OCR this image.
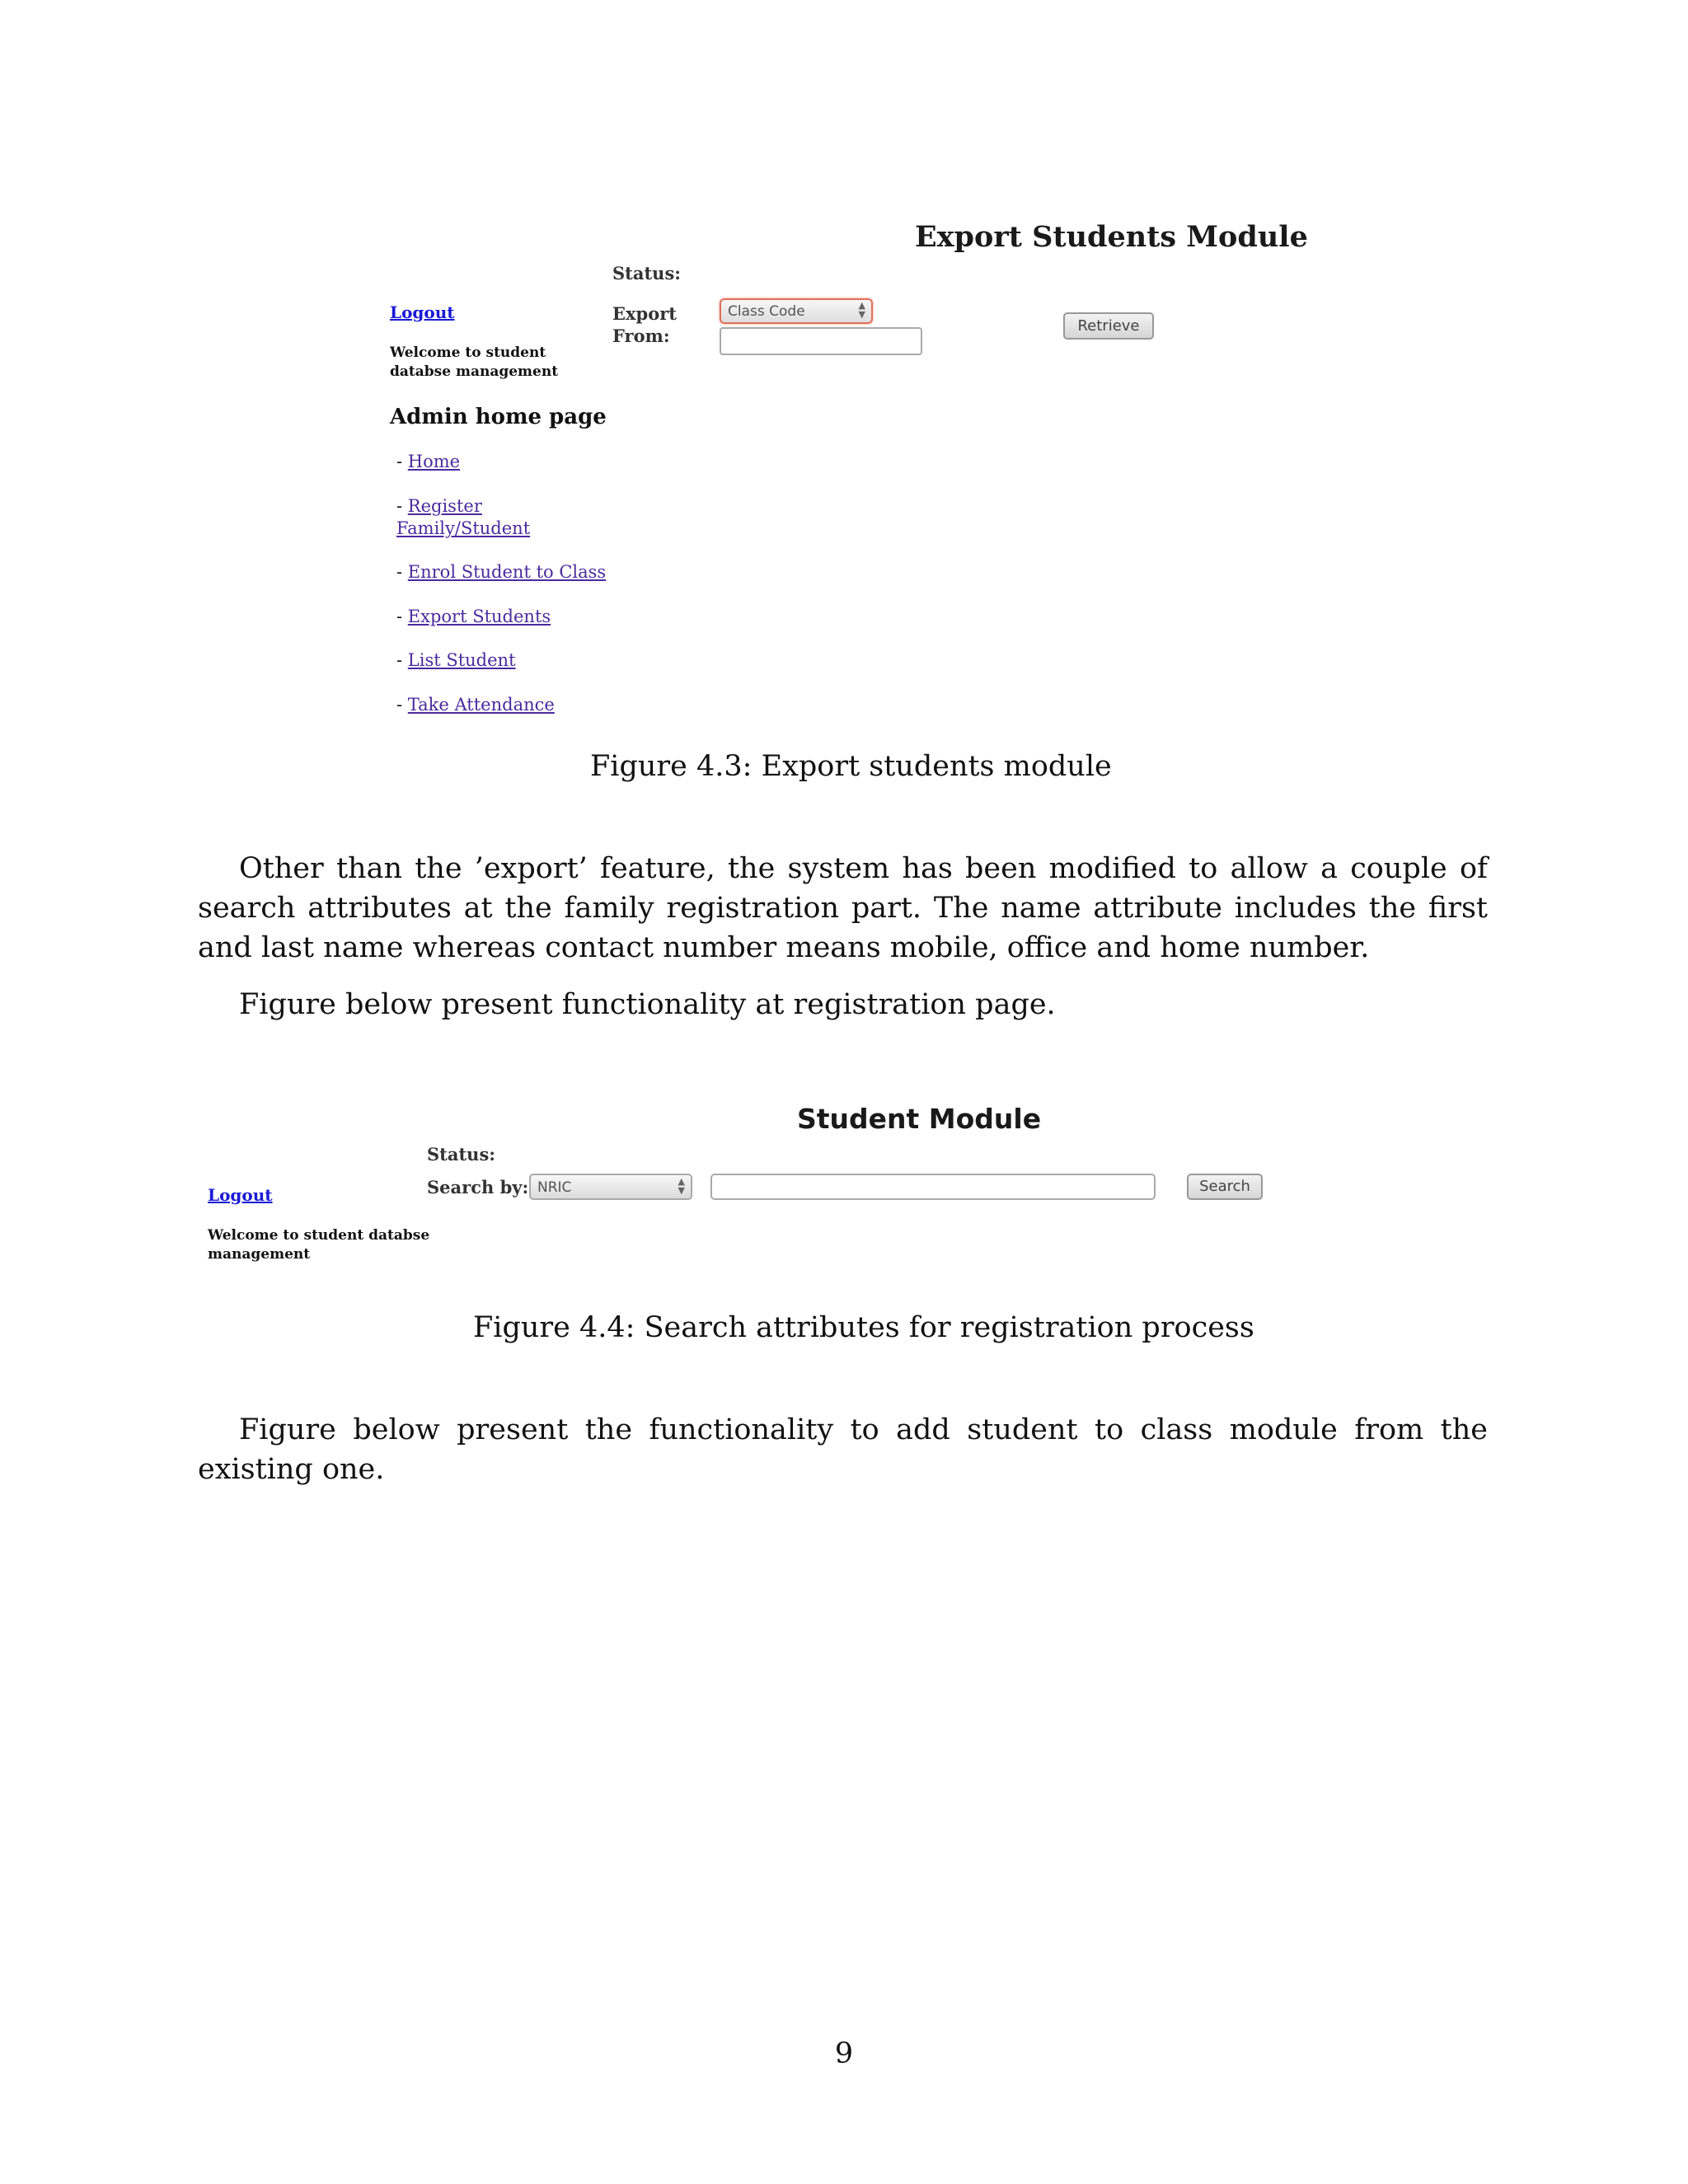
Export Students Module
Status:
Export
From:
Class Code	▲
▼
Retrieve
Logout
Welcome to student databse management
Admin home page
- Home
- Register Family/Student
- Enrol Student to Class
- Export Students
- List Student
- Take Attendance
Figure 4.3: Export students module
Other than the ’export’ feature, the system has been modified to allow a couple of search attributes at the family registration part. The name attribute includes the first and last name whereas contact number means mobile, office and home number.
Figure below present functionality at registration page.
Student Module
Status:
Search by: NRIC	▲
▼	Search
Logout
Welcome to student databse management
Figure 4.4: Search attributes for registration process
Figure below present the functionality to add student to class module from the existing one.
9
